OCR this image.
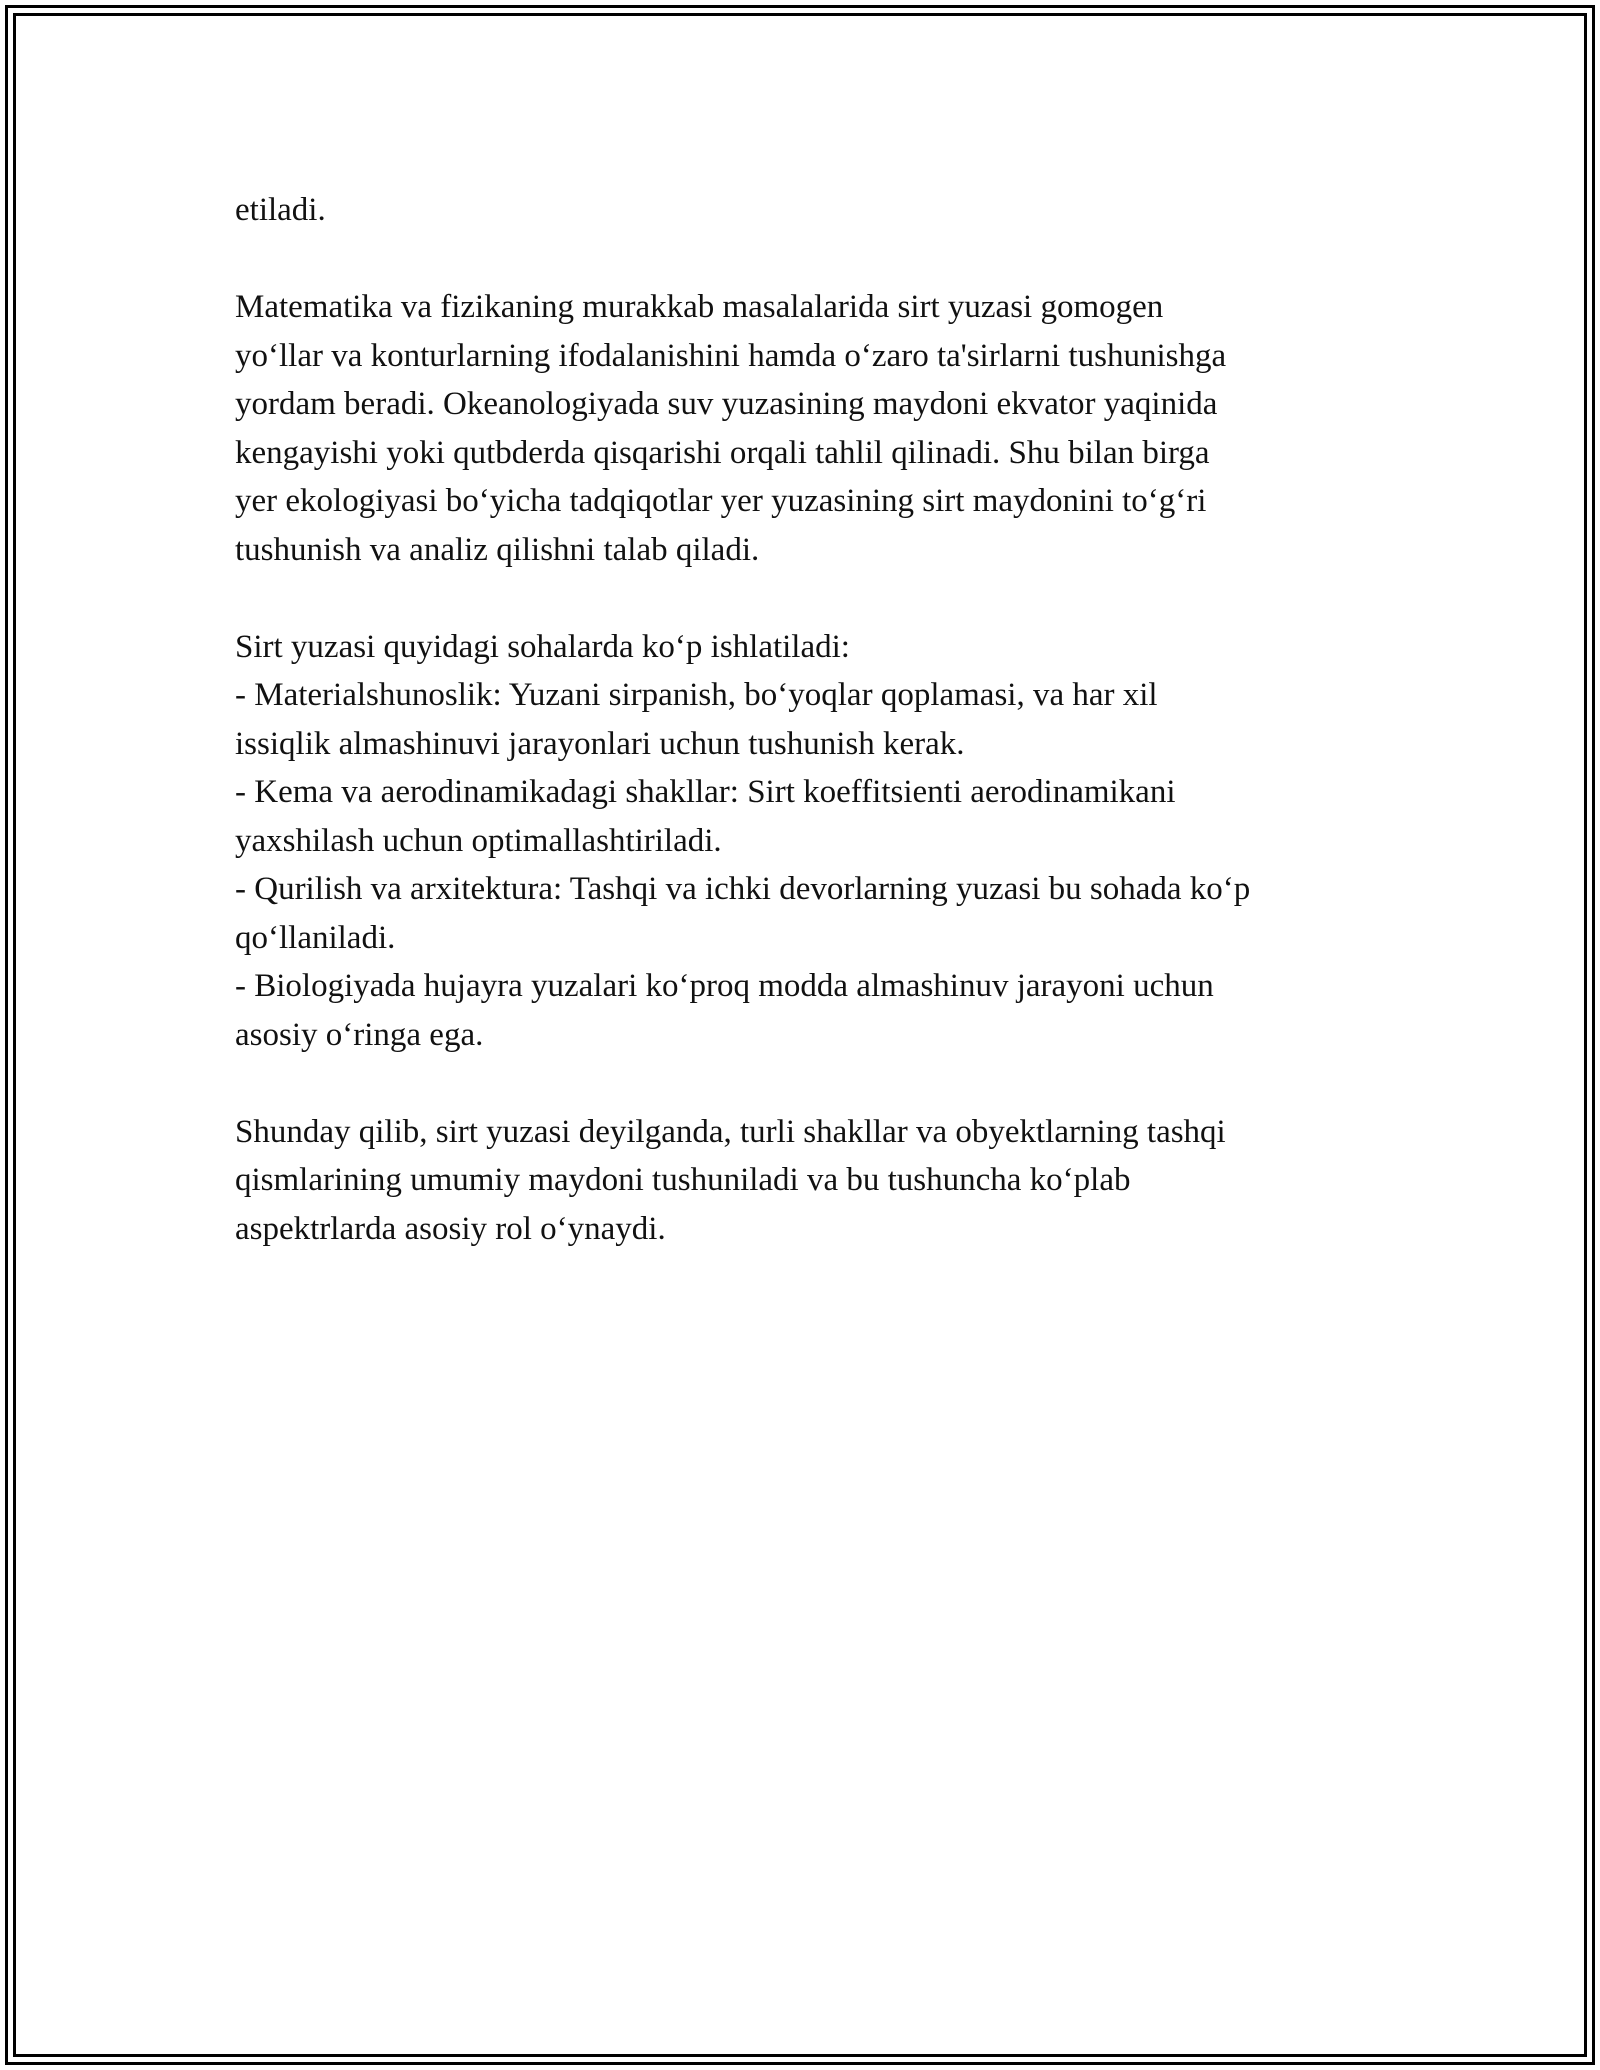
etiladi.

Matematika va fizikaning murakkab masalalarida sirt yuzasi gomogen
yo‘llar va konturlarning ifodalanishini hamda o‘zaro ta'sirlarni tushunishga
yordam beradi. Okeanologiyada suv yuzasining maydoni ekvator yaqinida
kengayishi yoki qutbderda qisqarishi orqali tahlil qilinadi. Shu bilan birga
yer ekologiyasi bo‘yicha tadqiqotlar yer yuzasining sirt maydonini to‘g‘ri
tushunish va analiz qilishni talab qiladi.

Sirt yuzasi quyidagi sohalarda ko‘p ishlatiladi:

- Materialshunoslik: Yuzani sirpanish, bo‘yoqlar qoplamasi, va har xil
issiqlik almashinuvi jarayonlari uchun tushunish kerak.
- Kema va aerodinamikadagi shakllar: Sirt koeffitsienti aerodinamikani
yaxshilash uchun optimallashtiriladi.
- Qurilish va arxitektura: Tashqi va ichki devorlarning yuzasi bu sohada ko‘p
qo‘llaniladi.
- Biologiyada hujayra yuzalari ko‘proq modda almashinuv jarayoni uchun
asosiy o‘ringa ega.

Shunday qilib, sirt yuzasi deyilganda, turli shakllar va obyektlarning tashqi
qismlarining umumiy maydoni tushuniladi va bu tushuncha ko‘plab
aspektrlarda asosiy rol o‘ynaydi.
